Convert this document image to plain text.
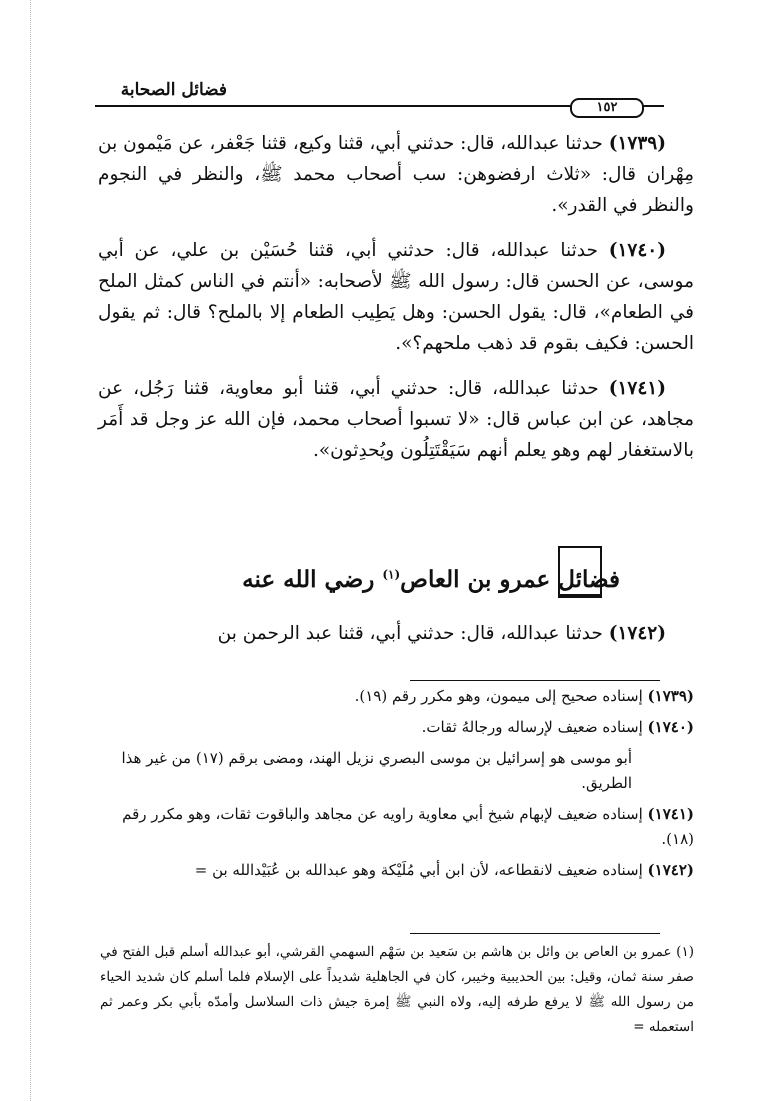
فضائل الصحابة
١٥٢

(١٧٣٩) حدثنا عبدالله، قال: حدثني أبي، قثنا وكيع، قثنا جَعْفر، عن مَيْمون بن مِهْران قال: «ثلاث ارفضوهن: سب أصحاب محمد ﷺ، والنظر في النجوم والنظر في القدر».

(١٧٤٠) حدثنا عبدالله، قال: حدثني أبي، قثنا حُسَيْن بن علي، عن أبي موسى، عن الحسن قال: رسول الله ﷺ لأصحابه: «أنتم في الناس كمثل الملح في الطعام»، قال: يقول الحسن: وهل يَطِيب الطعام إلا بالملح؟ قال: ثم يقول الحسن: فكيف بقوم قد ذهب ملحهم؟».

(١٧٤١) حدثنا عبدالله، قال: حدثني أبي، قثنا أبو معاوية، قثنا رَجُل، عن مجاهد، عن ابن عباس قال: «لا تسبوا أصحاب محمد، فإن الله عز وجل قد أَمَر بالاستغفار لهم وهو يعلم أنهم سَيَقْتَتِلُون ويُحدِثون».

فضائل عمرو بن العاص$^{(١)}$ رضي الله عنه

(١٧٤٢) حدثنا عبدالله، قال: حدثني أبي، قثنا عبد الرحمن بن

(١٧٣٩) إسناده صحيح إلى ميمون، وهو مكرر رقم (١٩).

(١٧٤٠) إسناده ضعيف لإرساله ورجالهُ ثقات.

أبو موسى هو إسرائيل بن موسى البصري نزيل الهند، ومضى برقم (١٧) من غير هذا الطريق.

(١٧٤١) إسناده ضعيف لإبهام شيخ أبي معاوية راويه عن مجاهد والباقوت ثقات، وهو مكرر رقم (١٨).

(١٧٤٢) إسناده ضعيف لانقطاعه، لأن ابن أبي مُلَيْكة وهو عبدالله بن عُبَيْدالله بن =

(١) عمرو بن العاص بن وائل بن هاشم بن سَعيد بن سَهْم السهمي القرشي، أبو عبدالله أسلم قبل الفتح في صفر سنة ثمان، وقيل: بين الحديبية وخيبر، كان في الجاهلية شديداً على الإسلام فلما أسلم كان شديد الحياء من رسول الله ﷺ لا يرفع طرفه إليه، ولاه النبي ﷺ إمرة جيش ذات السلاسل وأمدّه بأبي بكر وعمر ثم استعمله =
